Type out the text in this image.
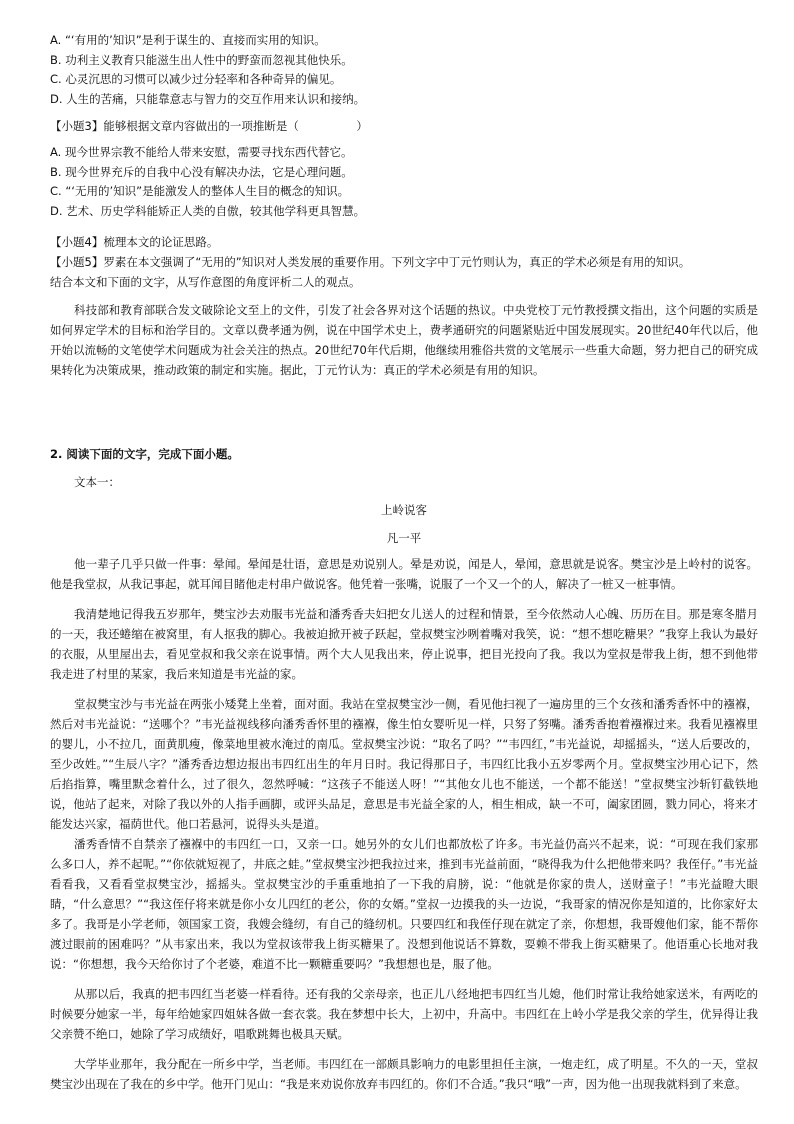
A. “‘有用的’知识”是利于谋生的、直接而实用的知识。

B. 功利主义教育只能滋生出人性中的野蛮而忽视其他快乐。

C. 心灵沉思的习惯可以减少过分轻率和各种奇异的偏见。

D. 人生的苦痛，只能靠意志与智力的交互作用来认识和接纳。

【小题3】能够根据文章内容做出的一项推断是（　　　　　）

A. 现今世界宗教不能给人带来安慰，需要寻找东西代替它。

B. 现今世界充斥的自我中心没有解决办法，它是心理问题。

C. “‘无用的’知识”是能激发人的整体人生目的概念的知识。

D. 艺术、历史学科能矫正人类的自傲，较其他学科更具智慧。

【小题4】梳理本文的论证思路。

【小题5】罗素在本文强调了“无用的”知识对人类发展的重要作用。下列文字中丁元竹则认为，真正的学术必须是有用的知识。

结合本文和下面的文字，从写作意图的角度评析二人的观点。

科技部和教育部联合发文破除论文至上的文件，引发了社会各界对这个话题的热议。中央党校丁元竹教授撰文指出，这个问题的实质是如何界定学术的目标和治学目的。文章以费孝通为例，说在中国学术史上，费孝通研究的问题紧贴近中国发展现实。20世纪40年代以后，他开始以流畅的文笔使学术问题成为社会关注的热点。20世纪70年代后期，他继续用雅俗共赏的文笔展示一些重大命题，努力把自己的研究成果转化为决策成果，推动政策的制定和实施。据此，丁元竹认为：真正的学术必须是有用的知识。

2. 阅读下面的文字，完成下面小题。

文本一：

上岭说客

凡一平

他一辈子几乎只做一件事：晕闻。晕闻是壮语，意思是劝说别人。晕是劝说，闻是人，晕闻，意思就是说客。樊宝沙是上岭村的说客。他是我堂叔，从我记事起，就耳闻目睹他走村串户做说客。他凭着一张嘴，说服了一个又一个的人，解决了一桩又一桩事情。

我清楚地记得我五岁那年，樊宝沙去劝服韦光益和潘秀香夫妇把女儿送人的过程和情景，至今依然动人心魄、历历在目。那是寒冬腊月的一天，我还蜷缩在被窝里，有人抠我的脚心。我被迫掀开被子跃起，堂叔樊宝沙咧着嘴对我笑，说：“想不想吃糖果？”我穿上我认为最好的衣服，从里屋出去，看见堂叔和我父亲在说事情。两个大人见我出来，停止说事，把目光投向了我。我以为堂叔是带我上街，想不到他带我走进了村里的某家，我后来知道是韦光益的家。

堂叔樊宝沙与韦光益在两张小矮凳上坐着，面对面。我站在堂叔樊宝沙一侧，看见他扫视了一遍房里的三个女孩和潘秀香怀中的襁褓，然后对韦光益说：“送哪个？”韦光益视线移向潘秀香怀里的襁褓，像生怕女婴听见一样，只努了努嘴。潘秀香抱着襁褓过来。我看见襁褓里的婴儿，小不拉几，面黄肌瘦，像菜地里被水淹过的南瓜。堂叔樊宝沙说：“取名了吗？”“韦四红，”韦光益说，却摇摇头，“送人后要改的，至少改姓。”“生辰八字？”潘秀香边想边报出韦四红出生的年月日时。我记得那日子，韦四红比我小五岁零两个月。堂叔樊宝沙用心记下，然后掐指算，嘴里默念着什么，过了很久，忽然呼喊：“这孩子不能送人呀！”“其他女儿也不能送，一个都不能送！”堂叔樊宝沙斩钉截铁地说，他站了起来，对除了我以外的人指手画脚，或评头品足，意思是韦光益全家的人，相生相成，缺一不可，阖家团圆，戮力同心，将来才能发达兴家，福荫世代。他口若悬河，说得头头是道。

潘秀香情不自禁亲了襁褓中的韦四红一口，又亲一口。她另外的女儿们也都放松了许多。韦光益仍高兴不起来，说：“可现在我们家那么多口人，养不起呢。”“你依就短视了，井底之蛙。”堂叔樊宝沙把我拉过来，推到韦光益前面，“晓得我为什么把他带来吗？我侄仔。”韦光益看看我，又看看堂叔樊宝沙，摇摇头。堂叔樊宝沙的手重重地拍了一下我的肩膀，说：“他就是你家的贵人，送财童子！”韦光益瞪大眼睛，“什么意思？”“我这侄仔将来就是你小女儿四红的老公，你的女婿。”堂叔一边摸我的头一边说，“我哥家的情况你是知道的，比你家好太多了。我哥是小学老师，领国家工资，我嫂会缝纫，有自己的缝纫机。只要四红和我侄仔现在就定了亲，你想想，我哥嫂他们家，能不帮你渡过眼前的困难吗？”从韦家出来，我以为堂叔该带我上街买糖果了。没想到他说话不算数，耍赖不带我上街买糖果了。他语重心长地对我说：“你想想，我今天给你讨了个老婆，难道不比一颗糖重要吗？”我想想也是，服了他。

从那以后，我真的把韦四红当老婆一样看待。还有我的父亲母亲，也正儿八经地把韦四红当儿媳，他们时常让我给她家送米，有两吃的时候要分她家一半，每年给她家四姐妹各做一套衣裳。我在梦想中长大，上初中，升高中。韦四红在上岭小学是我父亲的学生，优异得让我父亲赞不绝口，她除了学习成绩好，唱歌跳舞也极具天赋。

大学毕业那年，我分配在一所乡中学，当老师。韦四红在一部颇具影响力的电影里担任主演，一炮走红，成了明星。不久的一天，堂叔樊宝沙出现在了我在的乡中学。他开门见山：“我是来劝说你放弃韦四红的。你们不合适。”我只“哦”一声，因为他一出现我就料到了来意。
